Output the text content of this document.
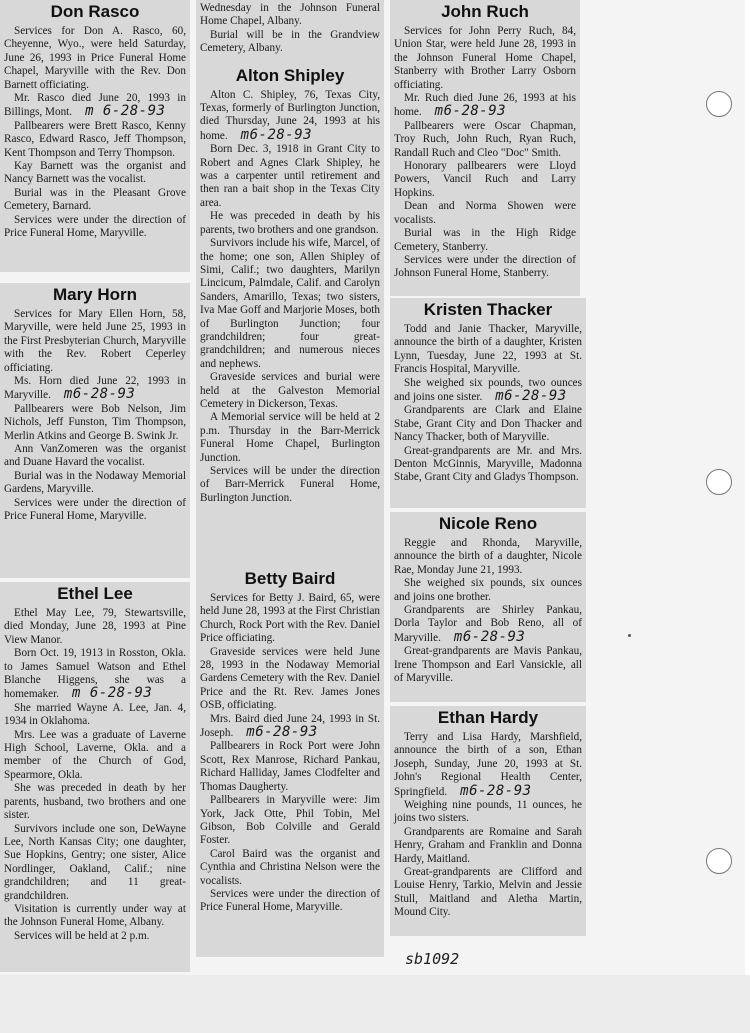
Don Rasco

Services for Don A. Rasco, 60, Cheyenne, Wyo., were held Saturday, June 26, 1993 in Price Funeral Home Chapel, Maryville with the Rev. Don Barnett officiating.

Mr. Rasco died June 20, 1993 in Billings, Mont. m 6-28-93

Pallbearers were Brett Rasco, Kenny Rasco, Edward Rasco, Jeff Thompson, Kent Thompson and Terry Thompson.

Kay Barnett was the organist and Nancy Barnett was the vocalist.

Burial was in the Pleasant Grove Cemetery, Barnard.

Services were under the direction of Price Funeral Home, Maryville.

Mary Horn

Services for Mary Ellen Horn, 58, Maryville, were held June 25, 1993 in the First Presbyterian Church, Maryville with the Rev. Robert Ceperley officiating.

Ms. Horn died June 22, 1993 in Maryville. m6-28-93

Pallbearers were Bob Nelson, Jim Nichols, Jeff Funston, Tim Thompson, Merlin Atkins and George B. Swink Jr.

Ann VanZomeren was the organist and Duane Havard the vocalist.

Burial was in the Nodaway Memorial Gardens, Maryville.

Services were under the direction of Price Funeral Home, Maryville.

Ethel Lee

Ethel May Lee, 79, Stewartsville, died Monday, June 28, 1993 at Pine View Manor.

Born Oct. 19, 1913 in Rosston, Okla. to James Samuel Watson and Ethel Blanche Higgens, she was a homemaker. m 6-28-93

She married Wayne A. Lee, Jan. 4, 1934 in Oklahoma.

Mrs. Lee was a graduate of Laverne High School, Laverne, Okla. and a member of the Church of God, Spearmore, Okla.

She was preceded in death by her parents, husband, two brothers and one sister.

Survivors include one son, DeWayne Lee, North Kansas City; one daughter, Sue Hopkins, Gentry; one sister, Alice Nordlinger, Oakland, Calif.; nine grandchildren; and 11 great-grandchildren.

Visitation is currently under way at the Johnson Funeral Home, Albany.

Services will be held at 2 p.m.

Wednesday in the Johnson Funeral Home Chapel, Albany.

Burial will be in the Grandview Cemetery, Albany.

Alton Shipley

Alton C. Shipley, 76, Texas City, Texas, formerly of Burlington Junction, died Thursday, June 24, 1993 at his home. m6-28-93

Born Dec. 3, 1918 in Grant City to Robert and Agnes Clark Shipley, he was a carpenter until retirement and then ran a bait shop in the Texas City area.

He was preceded in death by his parents, two brothers and one grandson.

Survivors include his wife, Marcel, of the home; one son, Allen Shipley of Simi, Calif.; two daughters, Marilyn Lincicum, Palmdale, Calif. and Carolyn Sanders, Amarillo, Texas; two sisters, Iva Mae Goff and Marjorie Moses, both of Burlington Junction; four grandchildren; four great-grandchildren; and numerous nieces and nephews.

Graveside services and burial were held at the Galveston Memorial Cemetery in Dickerson, Texas.

A Memorial service will be held at 2 p.m. Thursday in the Barr-Merrick Funeral Home Chapel, Burlington Junction.

Services will be under the direction of Barr-Merrick Funeral Home, Burlington Junction.

Betty Baird

Services for Betty J. Baird, 65, were held June 28, 1993 at the First Christian Church, Rock Port with the Rev. Daniel Price officiating.

Graveside services were held June 28, 1993 in the Nodaway Memorial Gardens Cemetery with the Rev. Daniel Price and the Rt. Rev. James Jones OSB, officiating.

Mrs. Baird died June 24, 1993 in St. Joseph. m6-28-93

Pallbearers in Rock Port were John Scott, Rex Manrose, Richard Pankau, Richard Halliday, James Clodfelter and Thomas Daugherty.

Pallbearers in Maryville were: Jim York, Jack Otte, Phil Tobin, Mel Gibson, Bob Colville and Gerald Foster.

Carol Baird was the organist and Cynthia and Christina Nelson were the vocalists.

Services were under the direction of Price Funeral Home, Maryville.

John Ruch

Services for John Perry Ruch, 84, Union Star, were held June 28, 1993 in the Johnson Funeral Home Chapel, Stanberry with Brother Larry Osborn officiating.

Mr. Ruch died June 26, 1993 at his home. m6-28-93

Pallbearers were Oscar Chapman, Troy Ruch, John Ruch, Ryan Ruch, Randall Ruch and Cleo "Doc" Smith.

Honorary pallbearers were Lloyd Powers, Vancil Ruch and Larry Hopkins.

Dean and Norma Showen were vocalists.

Burial was in the High Ridge Cemetery, Stanberry.

Services were under the direction of Johnson Funeral Home, Stanberry.

Kristen Thacker

Todd and Janie Thacker, Maryville, announce the birth of a daughter, Kristen Lynn, Tuesday, June 22, 1993 at St. Francis Hospital, Maryville.

She weighed six pounds, two ounces and joins one sister. m6-28-93

Grandparents are Clark and Elaine Stabe, Grant City and Don Thacker and Nancy Thacker, both of Maryville.

Great-grandparents are Mr. and Mrs. Denton McGinnis, Maryville, Madonna Stabe, Grant City and Gladys Thompson.

Nicole Reno

Reggie and Rhonda, Maryville, announce the birth of a daughter, Nicole Rae, Monday June 21, 1993.

She weighed six pounds, six ounces and joins one brother.

Grandparents are Shirley Pankau, Dorla Taylor and Bob Reno, all of Maryville. m6-28-93

Great-grandparents are Mavis Pankau, Irene Thompson and Earl Vansickle, all of Maryville.

Ethan Hardy

Terry and Lisa Hardy, Marshfield, announce the birth of a son, Ethan Joseph, Sunday, June 20, 1993 at St. John's Regional Health Center, Springfield. m6-28-93

Weighing nine pounds, 11 ounces, he joins two sisters.

Grandparents are Romaine and Sarah Henry, Graham and Franklin and Donna Hardy, Maitland.

Great-grandparents are Clifford and Louise Henry, Tarkio, Melvin and Jessie Stull, Maitland and Aletha Martin, Mound City.

sb1092
